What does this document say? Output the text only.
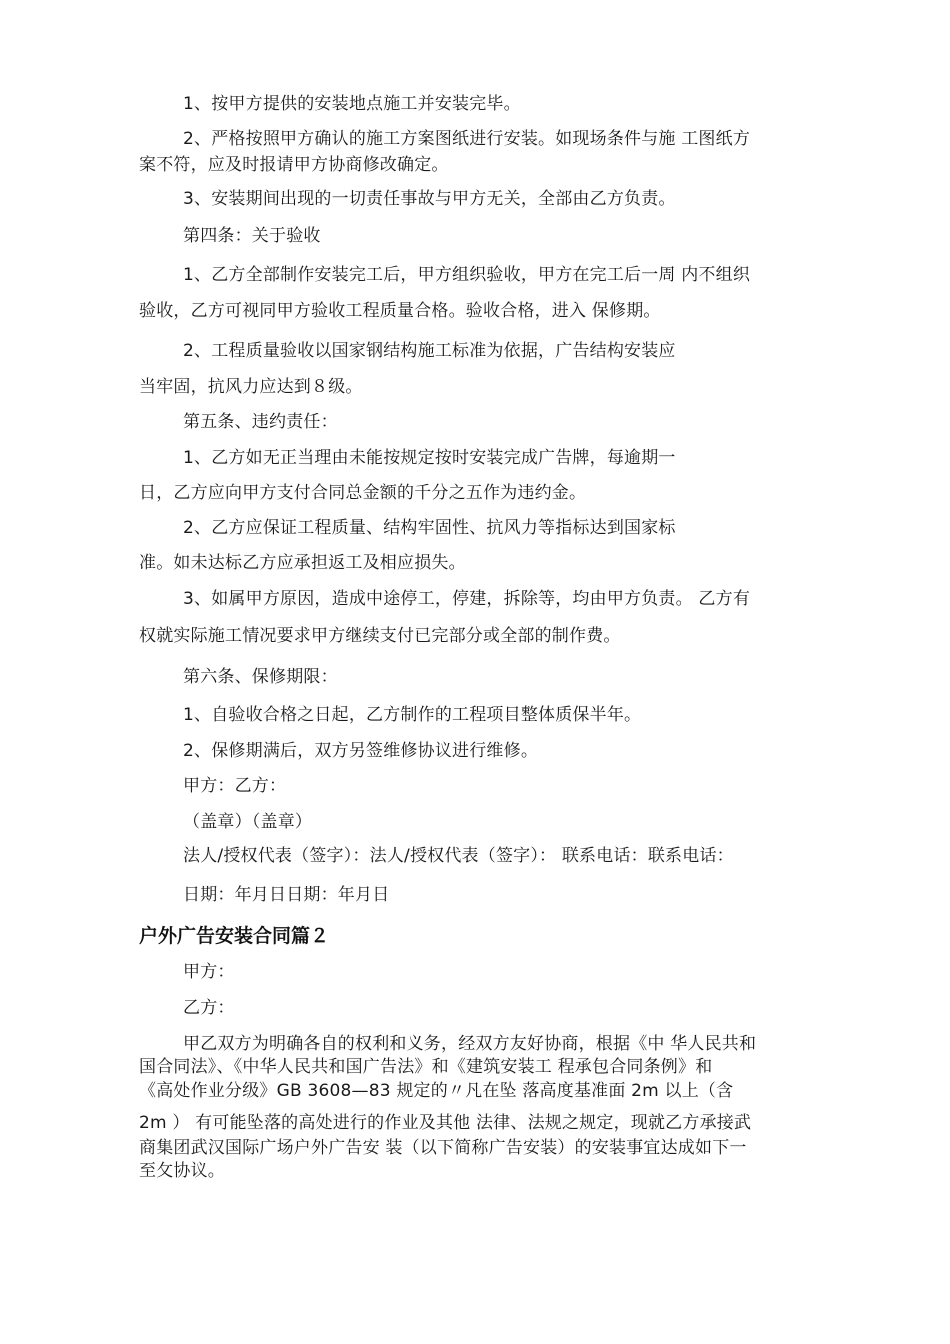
1、按甲方提供的安装地点施工并安装完毕。
2、严格按照甲方确认的施工方案图纸进行安装。如现场条件与施 工图纸方
案不符，应及时报请甲方协商修改确定。
3、安装期间出现的一切责任事故与甲方无关，全部由乙方负责。
第四条：关于验收
1、乙方全部制作安装完工后，甲方组织验收，甲方在完工后一周 内不组织
验收，乙方可视同甲方验收工程质量合格。验收合格，进入 保修期。
2、工程质量验收以国家钢结构施工标准为依据，广告结构安装应
当牢固，抗风力应达到８级。
第五条、违约责任：
1、乙方如无正当理由未能按规定按时安装完成广告牌，每逾期一
日，乙方应向甲方支付合同总金额的千分之五作为违约金。
2、乙方应保证工程质量、结构牢固性、抗风力等指标达到国家标
准。如未达标乙方应承担返工及相应损失。
3、如属甲方原因，造成中途停工，停建，拆除等，均由甲方负责。 乙方有
权就实际施工情况要求甲方继续支付已完部分或全部的制作费。
第六条、保修期限：
1、自验收合格之日起，乙方制作的工程项目整体质保半年。
2、保修期满后，双方另签维修协议进行维修。
甲方：乙方：
（盖章）（盖章）
法人/授权代表（签字）：法人/授权代表（签字）： 联系电话：联系电话：
日期：年月日日期：年月日
户外广告安装合同篇２
甲方：
乙方：
甲乙双方为明确各自的权利和义务，经双方友好协商，根据《中 华人民共和
国合同法》、《中华人民共和国广告法》和《建筑安装工 程承包合同条例》和
《高处作业分级》GB 3608—83 规定的〃凡在坠 落高度基准面 2m 以上（含
2m ） 有可能坠落的高处进行的作业及其他 法律、法规之规定，现就乙方承接武
商集团武汉国际广场户外广告安 装（以下简称广告安装）的安装事宜达成如下一
至攵协议。
